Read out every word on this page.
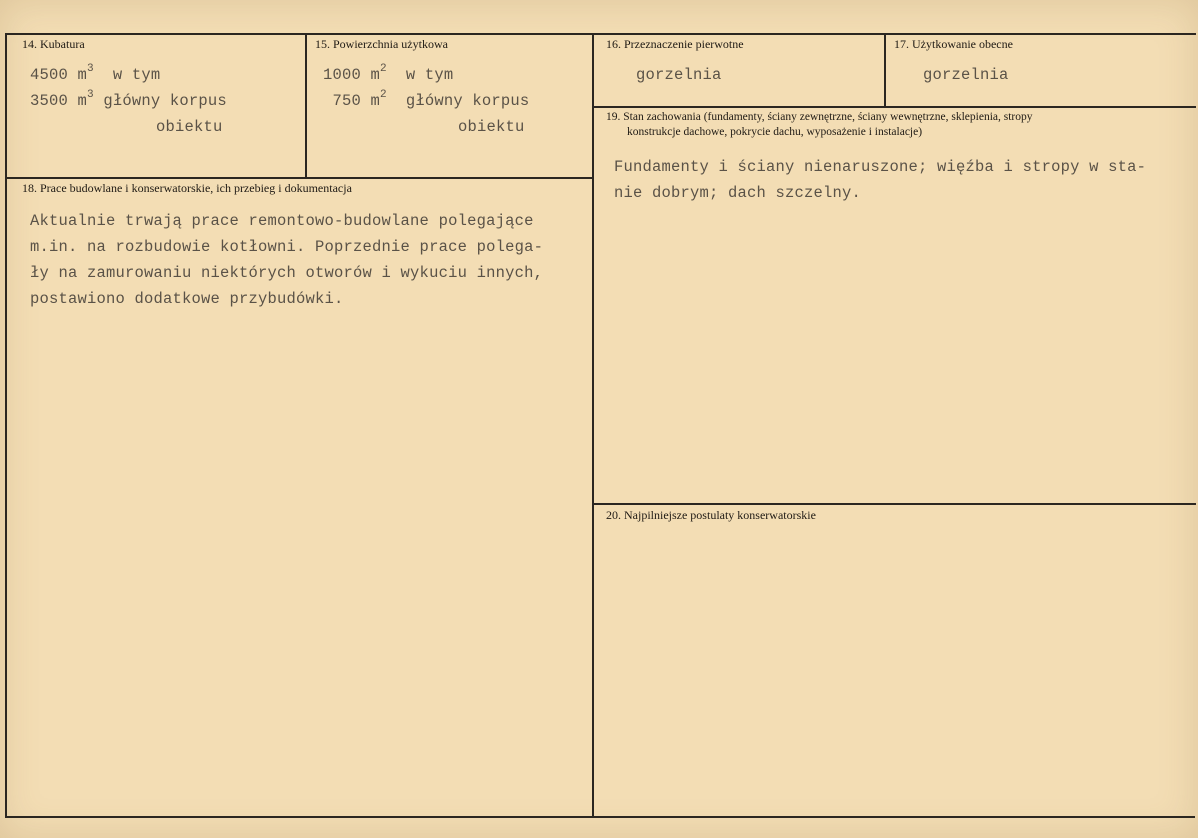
14. Kubatura
4500 $m^3$  w tym
3500 $m^3$ główny korpus
obiektu
15. Powierzchnia użytkowa
1000 $m^2$  w tym
750 $m^2$  główny korpus
obiektu
16. Przeznaczenie pierwotne
gorzelnia
17. Użytkowanie obecne
gorzelnia
18. Prace budowlane i konserwatorskie, ich przebieg i dokumentacja
Aktualnie trwają prace remontowo-budowlane polegające
m.in. na rozbudowie kotłowni. Poprzednie prace polega-
ły na zamurowaniu niektórych otworów i wykuciu innych,
postawiono dodatkowe przybudówki.
19. Stan zachowania (fundamenty, ściany zewnętrzne, ściany wewnętrzne, sklepienia, stropy
konstrukcje dachowe, pokrycie dachu, wyposażenie i instalacje)
Fundamenty i ściany nienaruszone; więźba i stropy w sta-
nie dobrym; dach szczelny.
20. Najpilniejsze postulaty konserwatorskie
